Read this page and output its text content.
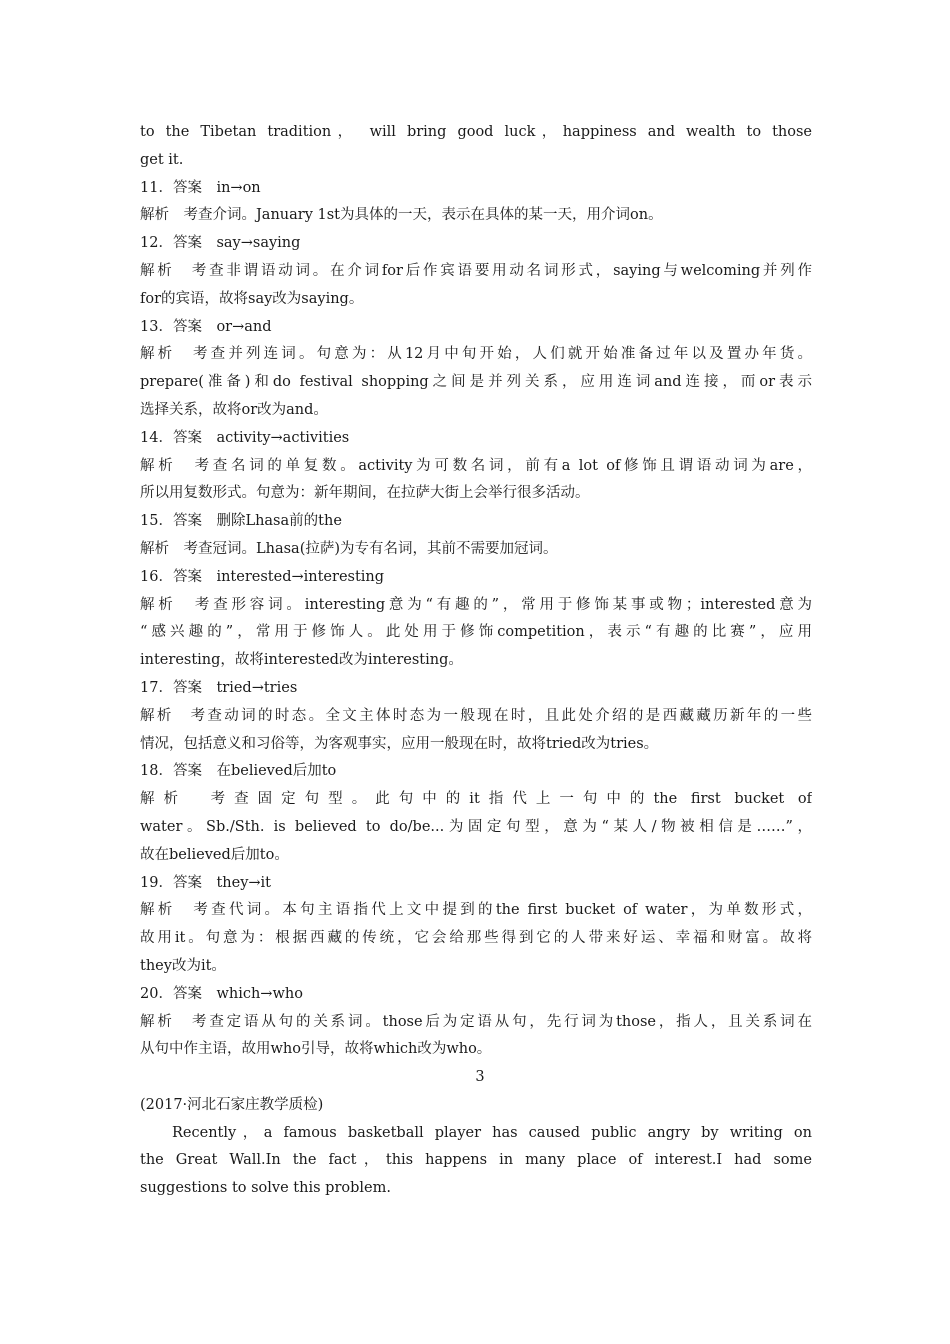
to the Tibetan tradition， will bring good luck，happiness and wealth to those
get it.
11．答案　in→on
解析　考查介词。January 1st为具体的一天，表示在具体的某一天，用介词on。
12．答案　say→saying
解析　考查非谓语动词。在介词for后作宾语要用动名词形式，saying与welcoming并列作
for的宾语，故将say改为saying。
13．答案　or→and
解析　考查并列连词。句意为：从12月中旬开始，人们就开始准备过年以及置办年货。
prepare(准备)和do festival shopping之间是并列关系，应用连词and连接，而or表示
选择关系，故将or改为and。
14．答案　activity→activities
解析　考查名词的单复数。activity为可数名词，前有a lot of修饰且谓语动词为are，
所以用复数形式。句意为：新年期间，在拉萨大街上会举行很多活动。
15．答案　删除Lhasa前的the
解析　考查冠词。Lhasa(拉萨)为专有名词，其前不需要加冠词。
16．答案　interested→interesting
解析　考查形容词。interesting意为“有趣的”，常用于修饰某事或物；interested意为
“感兴趣的”，常用于修饰人。此处用于修饰competition，表示“有趣的比赛”，应用
interesting，故将interested改为interesting。
17．答案　tried→tries
解析　考查动词的时态。全文主体时态为一般现在时，且此处介绍的是西藏藏历新年的一些
情况，包括意义和习俗等，为客观事实，应用一般现在时，故将tried改为tries。
18．答案　在believed后加to
解析　考查固定句型。此句中的it指代上一句中的the first bucket of
water。Sb./Sth. is believed to do/be...为固定句型，意为“某人/物被相信是……”，
故在believed后加to。
19．答案　they→it
解析　考查代词。本句主语指代上文中提到的the first bucket of water，为单数形式，
故用it。句意为：根据西藏的传统，它会给那些得到它的人带来好运、幸福和财富。故将
they改为it。
20．答案　which→who
解析　考查定语从句的关系词。those后为定语从句，先行词为those，指人，且关系词在
从句中作主语，故用who引导，故将which改为who。
3
(2017·河北石家庄教学质检)
Recently，a famous basketball player has caused public angry by writing on
the Great Wall.In the fact，this happens in many place of interest.I had some
suggestions to solve this problem.
